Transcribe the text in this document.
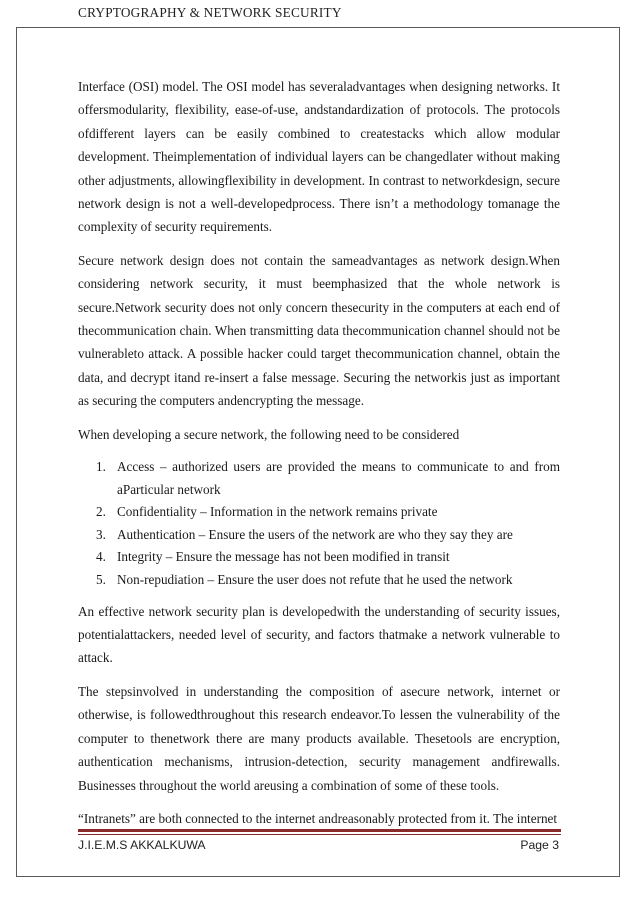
CRYPTOGRAPHY & NETWORK SECURITY

Interface (OSI) model. The OSI model has severaladvantages when designing networks. It offersmodularity, flexibility, ease-of-use, andstandardization of protocols. The protocols ofdifferent layers can be easily combined to createstacks which allow modular development. Theimplementation of individual layers can be changedlater without making other adjustments, allowingflexibility in development. In contrast to networkdesign, secure network design is not a well-developedprocess. There isn’t a methodology tomanage the complexity of security requirements.

Secure network design does not contain the sameadvantages as network design.When considering network security, it must beemphasized that the whole network is secure.Network security does not only concern thesecurity in the computers at each end of thecommunication chain. When transmitting data thecommunication channel should not be vulnerableto attack. A possible hacker could target thecommunication channel, obtain the data, and decrypt itand re-insert a false message. Securing the networkis just as important as securing the computers andencrypting the message.

When developing a secure network, the following need to be considered

1. Access – authorized users are provided the means to communicate to and from aParticular network
2. Confidentiality – Information in the network remains private
3. Authentication – Ensure the users of the network are who they say they are
4. Integrity – Ensure the message has not been modified in transit
5. Non-repudiation – Ensure the user does not refute that he used the network

An effective network security plan is developedwith the understanding of security issues, potentialattackers, needed level of security, and factors thatmake a network vulnerable to attack.

The stepsinvolved in understanding the composition of asecure network, internet or otherwise, is followedthroughout this research endeavor.To lessen the vulnerability of the computer to thenetwork there are many products available. Thesetools are encryption, authentication mechanisms, intrusion-detection, security management andfirewalls. Businesses throughout the world areusing a combination of some of these tools.

“Intranets” are both connected to the internet andreasonably protected from it. The internet

J.I.E.M.S AKKALKUWA	Page 3
